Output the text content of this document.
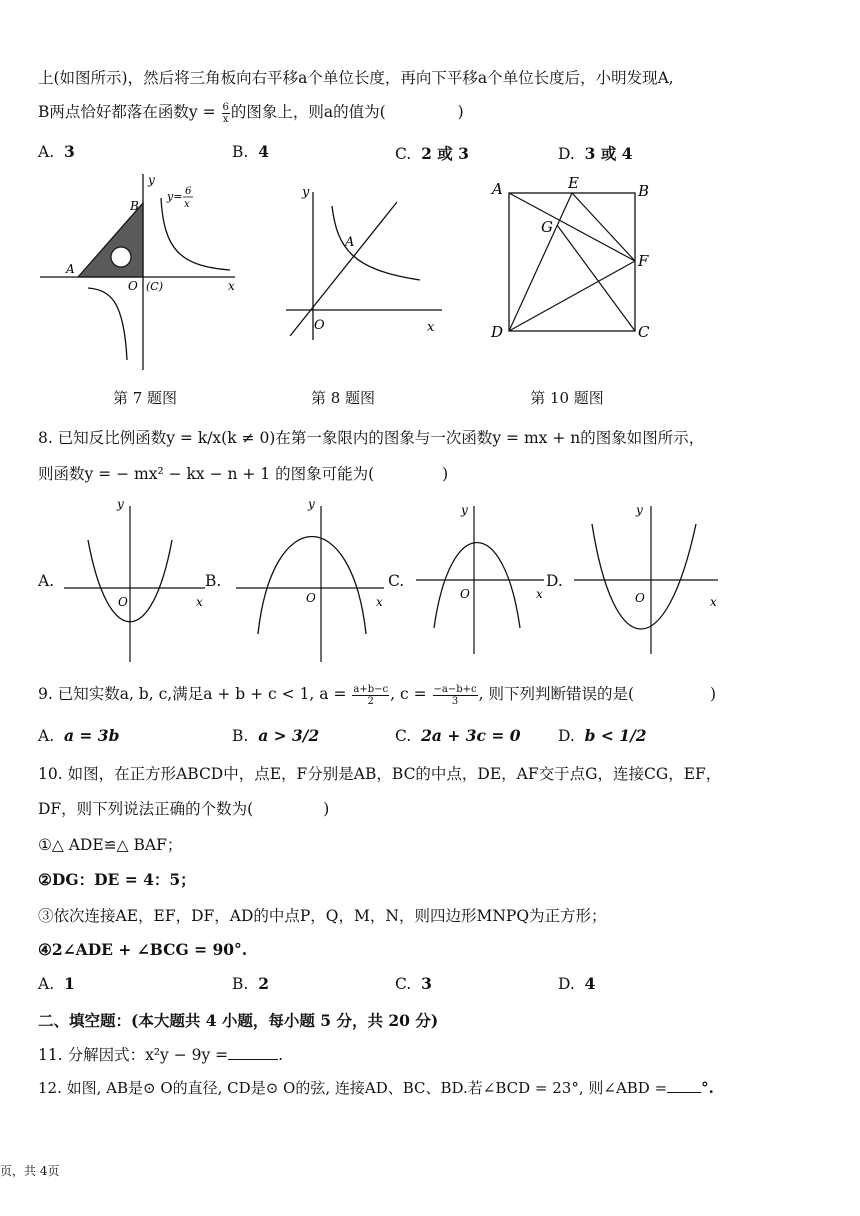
上(如图所示)，然后将三角板向右平移a个单位长度，再向下平移a个单位长度后，小明发现A,
B两点恰好都落在函数$y = \frac{6}{x}$ 的图象上，则a的值为(	)
A. 3	B. 4	C. 2 或 3	D. 3 或 4
y
x
y= 6
x
A
B
O (C)
第 7 题图
y
x
A
O
第 8 题图
A	E	B
G
F
D	C
第 10 题图
8. 已知反比例函数y = k/x(k ≠ 0)在第一象限内的图象与一次函数y = mx + n的图象如图所示，
则函数y = − mx² − kx − n + 1 的图象可能为(	)
A.
y
x
O
B.
y
x
O
C.
y
x
O
D.
y
x
O
9. 已知实数a, b, c,满足a + b + c < 1, $a = \frac{a+b-c}{2}$ , $c = \frac{-a-b+c}{3}$ , 则下列判断错误的是(	)
A. a = 3b	B. a > 3/2	C. 2a + 3c = 0 D. b < 1/2
10. 如图，在正方形ABCD中，点E，F分别是AB，BC的中点，DE，AF交于点G，连接CG，EF，
DF，则下列说法正确的个数为(	)
①△ ADE≌△ BAF；
②DG：DE = 4：5；
③依次连接AE，EF，DF，AD的中点P，Q，M，N，则四边形MNPQ为正方形；
④2∠ADE + ∠BCG = 90°.
A. 1	B. 2	C. 3	D. 4
二、填空题：(本大题共 4 小题，每小题 5 分，共 20 分)
11. 分解因式：x²y − 9y =	.
12. 如图, AB是⊙ O的直径, CD是⊙ O的弦, 连接AD、BC、BD.若∠BCD = 23°, 则∠ABD = °.
页，共 4页
